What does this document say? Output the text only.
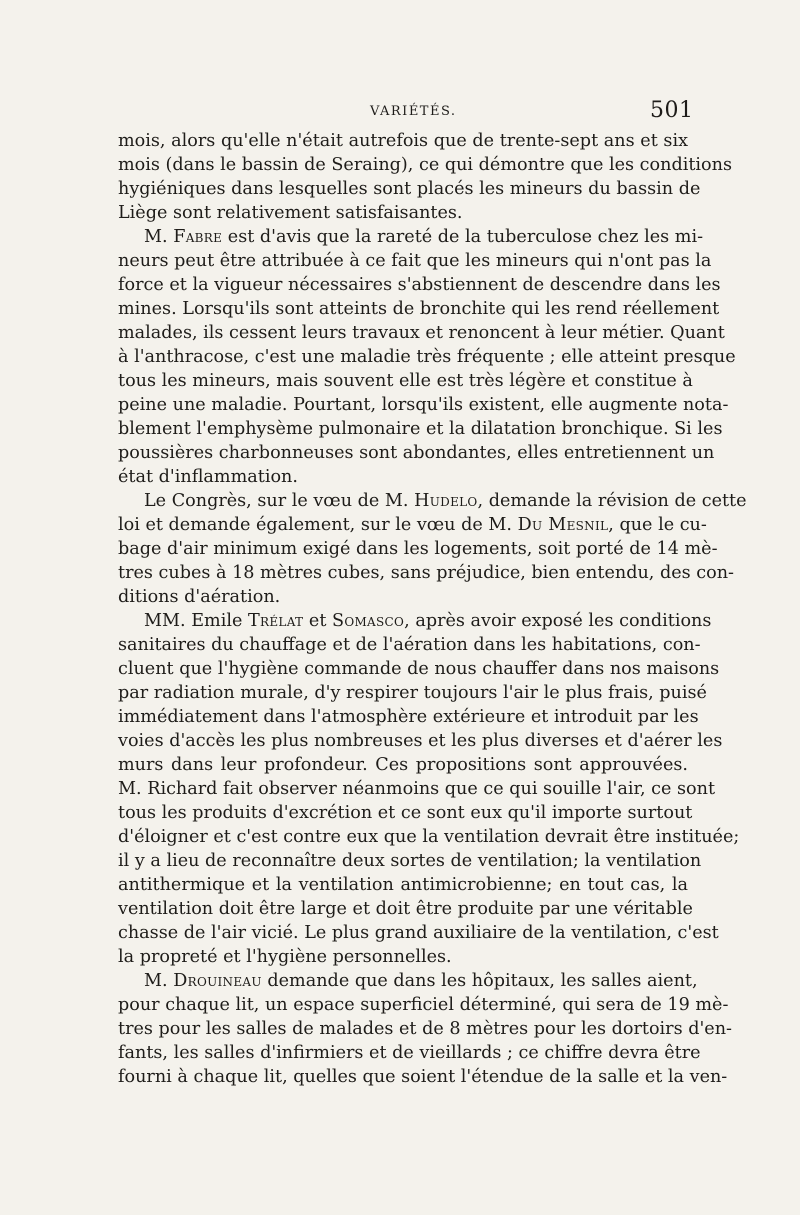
VARIÉTÉS.	501
mois, alors qu'elle n'était autrefois que de trente-sept ans et six
mois (dans le bassin de Seraing), ce qui démontre que les conditions
hygiéniques dans lesquelles sont placés les mineurs du bassin de
Liège sont relativement satisfaisantes.
M. Fabre est d'avis que la rareté de la tuberculose chez les mi-
neurs peut être attribuée à ce fait que les mineurs qui n'ont pas la
force et la vigueur nécessaires s'abstiennent de descendre dans les
mines. Lorsqu'ils sont atteints de bronchite qui les rend réellement
malades, ils cessent leurs travaux et renoncent à leur métier. Quant
à l'anthracose, c'est une maladie très fréquente ; elle atteint presque
tous les mineurs, mais souvent elle est très légère et constitue à
peine une maladie. Pourtant, lorsqu'ils existent, elle augmente nota-
blement l'emphysème pulmonaire et la dilatation bronchique. Si les
poussières charbonneuses sont abondantes, elles entretiennent un
état d'inflammation.
Le Congrès, sur le vœu de M. Hudelo, demande la révision de cette
loi et demande également, sur le vœu de M. Du Mesnil, que le cu-
bage d'air minimum exigé dans les logements, soit porté de 14 mè-
tres cubes à 18 mètres cubes, sans préjudice, bien entendu, des con-
ditions d'aération.
MM. Emile Trélat et Somasco, après avoir exposé les conditions
sanitaires du chauffage et de l'aération dans les habitations, con-
cluent que l'hygiène commande de nous chauffer dans nos maisons
par radiation murale, d'y respirer toujours l'air le plus frais, puisé
immédiatement dans l'atmosphère extérieure et introduit par les
voies d'accès les plus nombreuses et les plus diverses et d'aérer les
murs dans leur profondeur. Ces propositions sont approuvées.
M. Richard fait observer néanmoins que ce qui souille l'air, ce sont
tous les produits d'excrétion et ce sont eux qu'il importe surtout
d'éloigner et c'est contre eux que la ventilation devrait être instituée;
il y a lieu de reconnaître deux sortes de ventilation; la ventilation
antithermique et la ventilation antimicrobienne; en tout cas, la
ventilation doit être large et doit être produite par une véritable
chasse de l'air vicié. Le plus grand auxiliaire de la ventilation, c'est
la propreté et l'hygiène personnelles.
M. Drouineau demande que dans les hôpitaux, les salles aient,
pour chaque lit, un espace superficiel déterminé, qui sera de 19 mè-
tres pour les salles de malades et de 8 mètres pour les dortoirs d'en-
fants, les salles d'infirmiers et de vieillards ; ce chiffre devra être
fourni à chaque lit, quelles que soient l'étendue de la salle et la ven-
